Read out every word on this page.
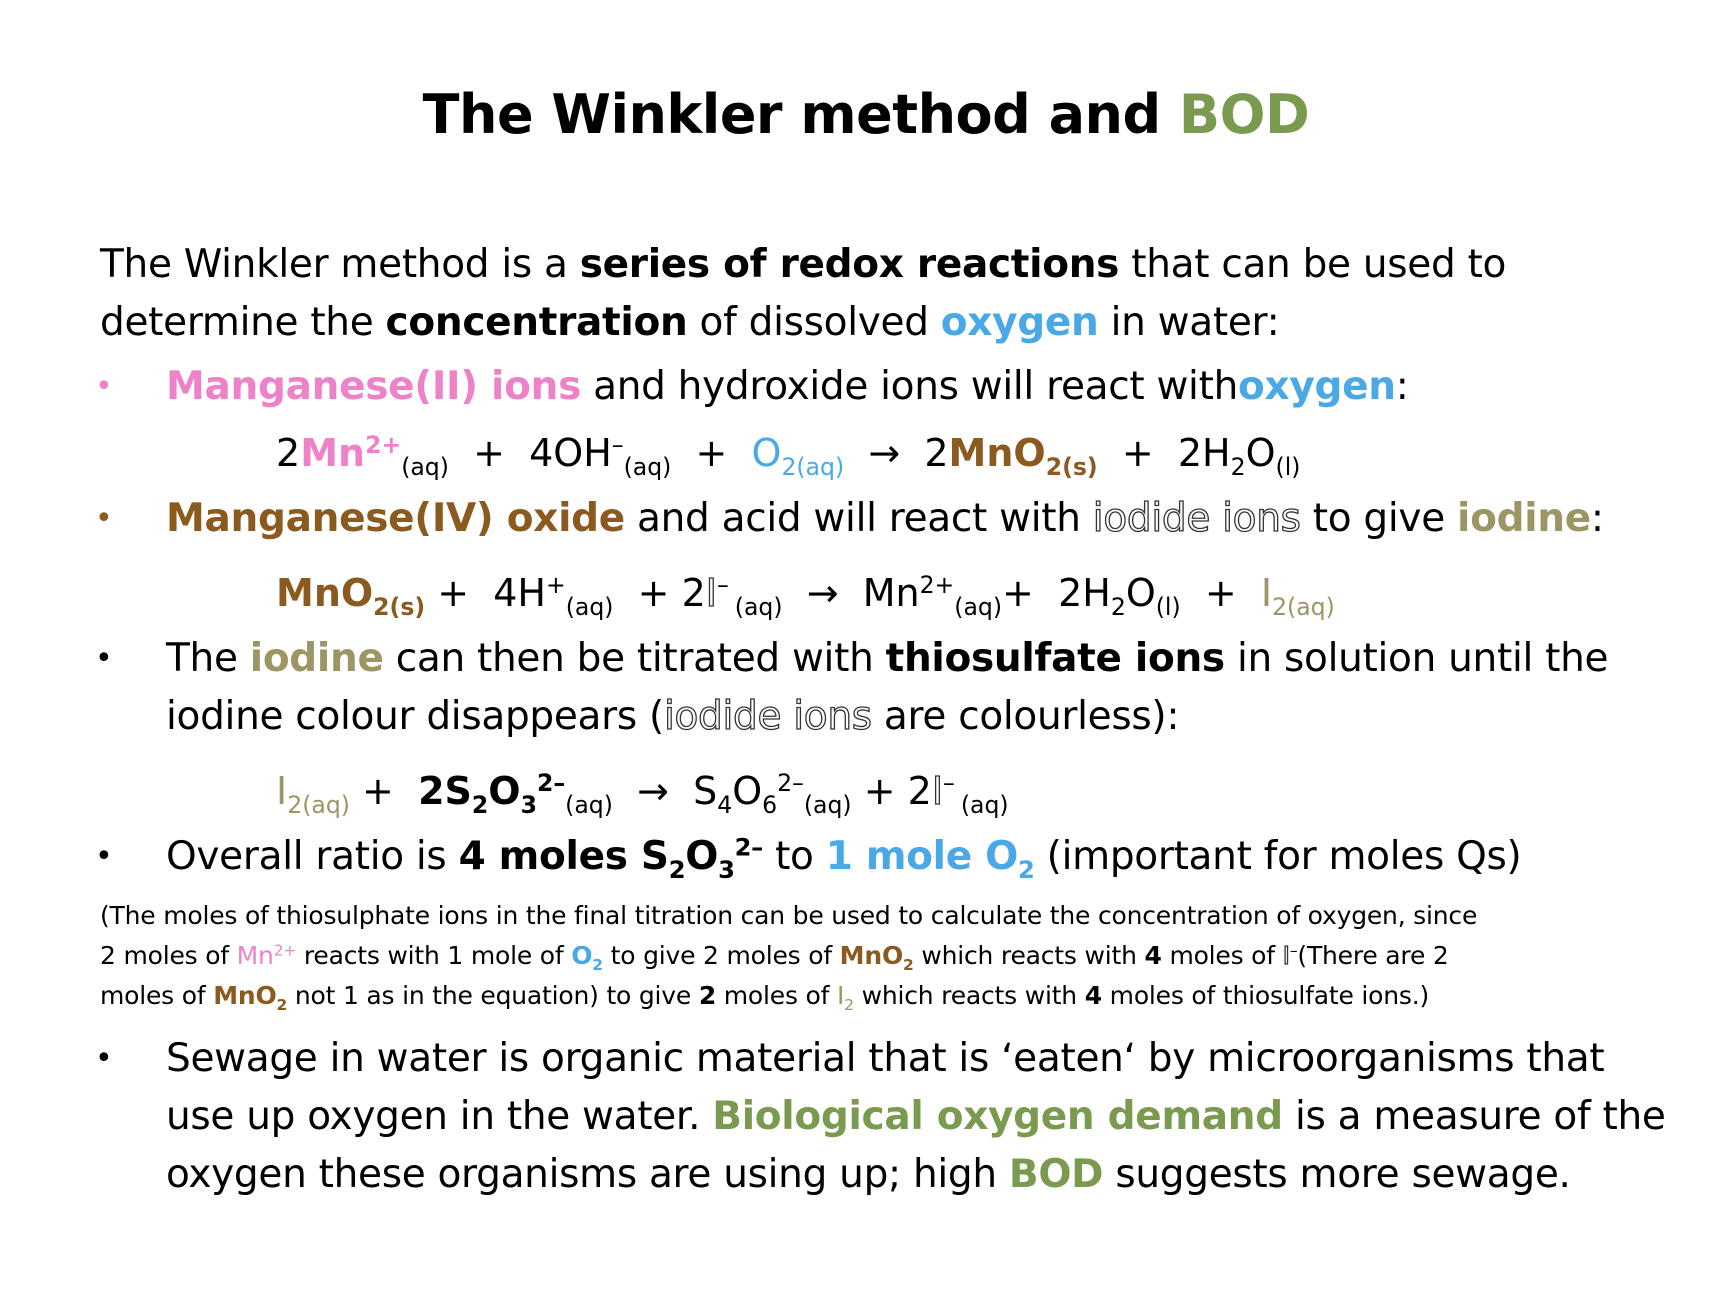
The Winkler method and BOD
The Winkler method is a series of redox reactions that can be used to
determine the concentration of dissolved oxygen in water:
• Manganese(II) ions and hydroxide ions will react withoxygen:
$2Mn^{2+}_{(aq)} + 4OH^-_{(aq)} + O_{2(aq)} \to 2MnO_{2(s)} + 2H_2O_{(l)}$
• Manganese(IV) oxide and acid will react with iodide ions to give iodine:
$MnO_{2(s)} + 4H^+_{(aq)} + 2I^-_{(aq)} \to Mn^{2+}_{(aq)}+ 2H_2O_{(l)} + I_{2(aq)}$
• The iodine can then be titrated with thiosulfate ions in solution until the
iodine colour disappears (iodide ions are colourless):
$I_{2(aq)} + 2S_2O_3^{2-}_{(aq)} \to S_4O_6^{2-}_{(aq)} + 2I^-_{(aq)}$
• Overall ratio is 4 moles $S_2O_3^{2-}$ to 1 mole $O_2$ (important for moles Qs)
(The moles of thiosulphate ions in the final titration can be used to calculate the concentration of oxygen, since
2 moles of $Mn^{2+}$ reacts with 1 mole of $O_2$ to give 2 moles of MnO$_2$ which reacts with 4 moles of I–(There are 2
moles of MnO$_2$ not 1 as in the equation) to give 2 moles of $I_2$ which reacts with 4 moles of thiosulfate ions.)
• Sewage in water is organic material that is ‘eaten‘ by microorganisms that
use up oxygen in the water. Biological oxygen demand is a measure of the
oxygen these organisms are using up; high BOD suggests more sewage.
